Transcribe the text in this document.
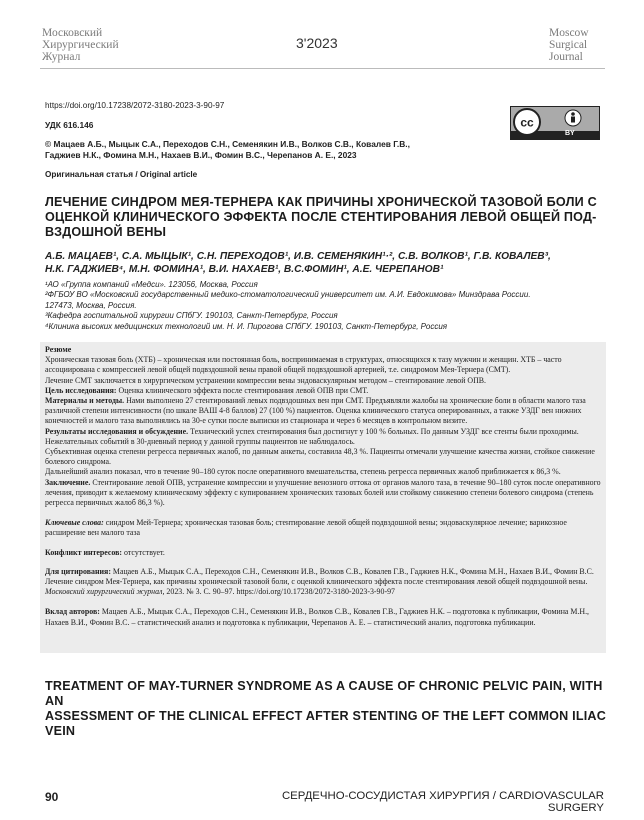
Московский
Хирургический
Журнал
3'2023
Moscow
Surgical
Journal
https://doi.org/10.17238/2072-3180-2023-3-90-97
УДК 616.146	cc
BY
© Мацаев А.Б., Мыцык С.А., Переходов С.Н., Семенякин И.В., Волков С.В., Ковалев Г.В.,
Гаджиев Н.К., Фомина М.Н., Нахаев В.И., Фомин В.С., Черепанов А. Е., 2023
Оригинальная статья / Original article
ЛЕЧЕНИЕ СИНДРОМ МЕЯ-ТЕРНЕРА КАК ПРИЧИНЫ ХРОНИЧЕСКОЙ ТАЗОВОЙ БОЛИ С
ОЦЕНКОЙ КЛИНИЧЕСКОГО ЭФФЕКТА ПОСЛЕ СТЕНТИРОВАНИЯ ЛЕВОЙ ОБЩЕЙ ПОД-
ВЗДОШНОЙ ВЕНЫ
А.Б. МАЦАЕВ¹, С.А. МЫЦЫК¹, С.Н. ПЕРЕХОДОВ¹, И.В. СЕМЕНЯКИН¹·², С.В. ВОЛКОВ¹, Г.В. КОВАЛЕВ³,
Н.К. ГАДЖИЕВ⁴, М.Н. ФОМИНА¹, В.И. НАХАЕВ¹, В.С.ФОМИН¹, А.Е. ЧЕРЕПАНОВ¹
¹АО «Группа компаний «Медси». 123056, Москва, Россия
²ФГБОУ ВО «Московский государственный медико-стоматологический университет им. А.И. Евдокимова» Минздрава России.
127473, Москва, Россия.
³Кафедра госпитальной хирургии СПбГУ. 190103, Санкт-Петербург, Россия
⁴Клиника высоких медицинских технологий им. Н. И. Пирогова СПбГУ. 190103, Санкт-Петербург, Россия

Резюме

Хроническая тазовая боль (ХТБ) – хроническая или постоянная боль, воспринимаемая в структурах, относящихся к тазу мужчин и женщин. ХТБ – часто ассоциирована с компрессией левой общей подвздошной вены правой общей подвздошной артерией, т.е. синдромом Мея-Тернера (СМТ).

Лечение СМТ заключается в хирургическом устранении компрессии вены эндоваскулярным методом – стентирование левой ОПВ.

Цель исследования: Оценка клинического эффекта после стентирования левой ОПВ при СМТ.

Материалы и методы. Нами выполнено 27 стентирований левых подвздошных вен при СМТ. Предъявляли жалобы на хронические боли в области малого таза различной степени интенсивности (по шкале ВАШ 4-8 баллов) 27 (100 %) пациентов. Оценка клинического статуса оперированных, а также УЗДГ вен нижних конечностей и малого таза выполнялись на 30-е сутки после выписки из стационара и через 6 месяцев в контрольном визите.

Результаты исследования и обсуждение. Технический успех стентирования был достигнут у 100 % больных. По данным УЗДГ все стенты были проходимы. Нежелательных событий в 30-дневный период у данной группы пациентов не наблюдалось.

Субъективная оценка степени регресса первичных жалоб, по данным анкеты, составила 48,3 %. Пациенты отмечали улучшение качества жизни, стойкое снижение болевого синдрома.

Дальнейший анализ показал, что в течение 90–180 суток после оперативного вмешательства, степень регресса первичных жалоб приближается к 86,3 %.

Заключение. Стентирование левой ОПВ, устранение компрессии и улучшение венозного оттока от органов малого таза, в течение 90–180 суток после оперативного лечения, приводит к желаемому клиническому эффекту с купированием хронических тазовых болей или стойкому снижению степени болевого синдрома (степень регресса первичных жалоб 86,3 %).

Ключевые слова: синдром Мей-Тернера; хроническая тазовая боль; стентирование левой общей подвздошной вены; эндоваскулярное лечение; варикозное расширение вен малого таза

Конфликт интересов: отсутствует.

Для цитирования: Мацаев А.Б., Мыцык С.А., Переходов С.Н., Семенякин И.В., Волков С.В., Ковалев Г.В., Гаджиев Н.К., Фомина М.Н., Нахаев В.И., Фомин В.С. Лечение синдром Мея-Тернера, как причины хронической тазовой боли, с оценкой клинического эффекта после стентирования левой общей подвздошной вены. Московский хирургический журнал, 2023. № 3. С. 90–97. https://doi.org/10.17238/2072-3180-2023-3-90-97

Вклад авторов: Мацаев А.Б., Мыцык С.А., Переходов С.Н., Семенякин И.В., Волков С.В., Ковалев Г.В., Гаджиев Н.К. – подготовка к публикации, Фомина М.Н., Нахаев В.И., Фомин В.С. – статистический анализ и подготовка к публикации, Черепанов А. Е. – статистический анализ, подготовка публикации.

TREATMENT OF MAY-TURNER SYNDROME AS A CAUSE OF CHRONIC PELVIC PAIN, WITH AN
ASSESSMENT OF THE CLINICAL EFFECT AFTER STENTING OF THE LEFT COMMON ILIAC VEIN
90	СЕРДЕЧНО-СОСУДИСТАЯ ХИРУРГИЯ / CARDIOVASCULAR SURGERY
